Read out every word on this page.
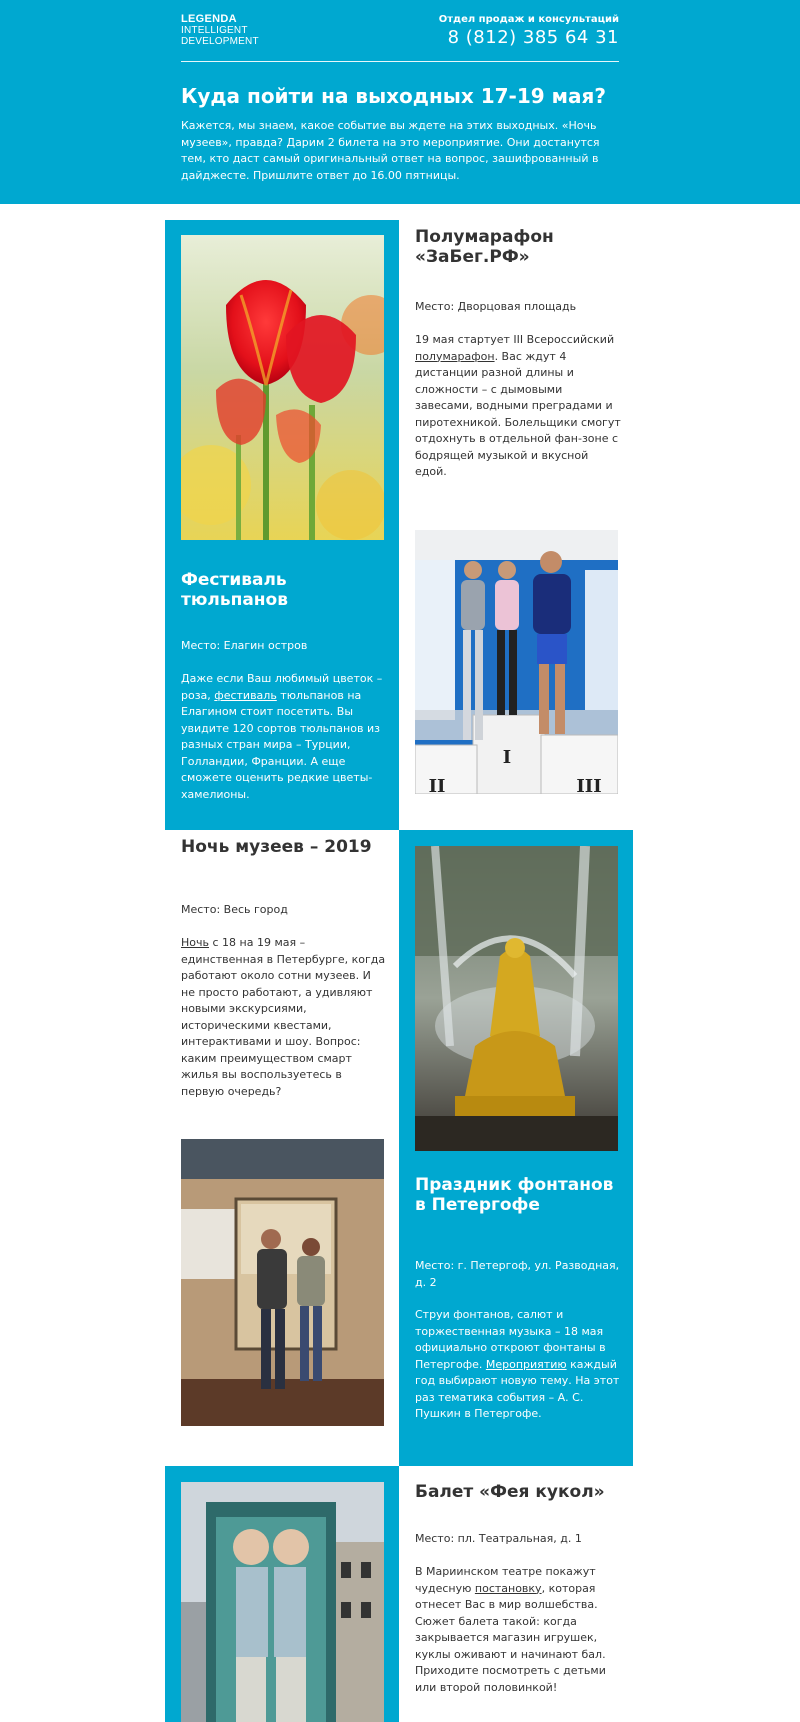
LEGENDA
INTELLIGENT
DEVELOPMENT
Отдел продаж и консультаций
8 (812) 385 64 31
Куда пойти на выходных 17-19 мая?
Кажется, мы знаем, какое событие вы ждете на этих выходных. «Ночь музеев», правда? Дарим 2 билета на это мероприятие. Они достанутся тем, кто даст самый оригинальный ответ на вопрос, зашифрованный в дайджесте. Пришлите ответ до 16.00 пятницы.
Фестиваль тюльпанов
Место: Елагин остров
Даже если Ваш любимый цветок – роза, фестиваль тюльпанов на Елагином стоит посетить. Вы увидите 120 сортов тюльпанов из разных стран мира – Турции, Голландии, Франции. А еще сможете оценить редкие цветы-хамелионы.
Полумарафон «ЗаБег.РФ»
Место: Дворцовая площадь
19 мая стартует III Всероссийский полумарафон. Вас ждут 4 дистанции разной длины и сложности – с дымовыми завесами, водными преградами и пиротехникой. Болельщики смогут отдохнуть в отдельной фан-зоне с бодрящей музыкой и вкусной едой.
I
II	III
Ночь музеев – 2019
Место: Весь город
Ночь с 18 на 19 мая – единственная в Петербурге, когда работают около сотни музеев. И не просто работают, а удивляют новыми экскурсиями, историческими квестами, интерактивами и шоу. Вопрос: каким преимуществом смарт жилья вы воспользуетесь в первую очередь?
Праздник фонтанов в Петергофе
Место: г. Петергоф, ул. Разводная, д. 2
Струи фонтанов, салют и торжественная музыка – 18 мая официально откроют фонтаны в Петергофе. Мероприятию каждый год выбирают новую тему. На этот раз тематика события – А. С. Пушкин в Петергофе.
Балет «Фея кукол»
Место: пл. Театральная, д. 1
В Мариинском театре покажут чудесную постановку, которая отнесет Вас в мир волшебства. Сюжет балета такой: когда закрывается магазин игрушек, куклы оживают и начинают бал. Приходите посмотреть с детьми или второй половинкой!
